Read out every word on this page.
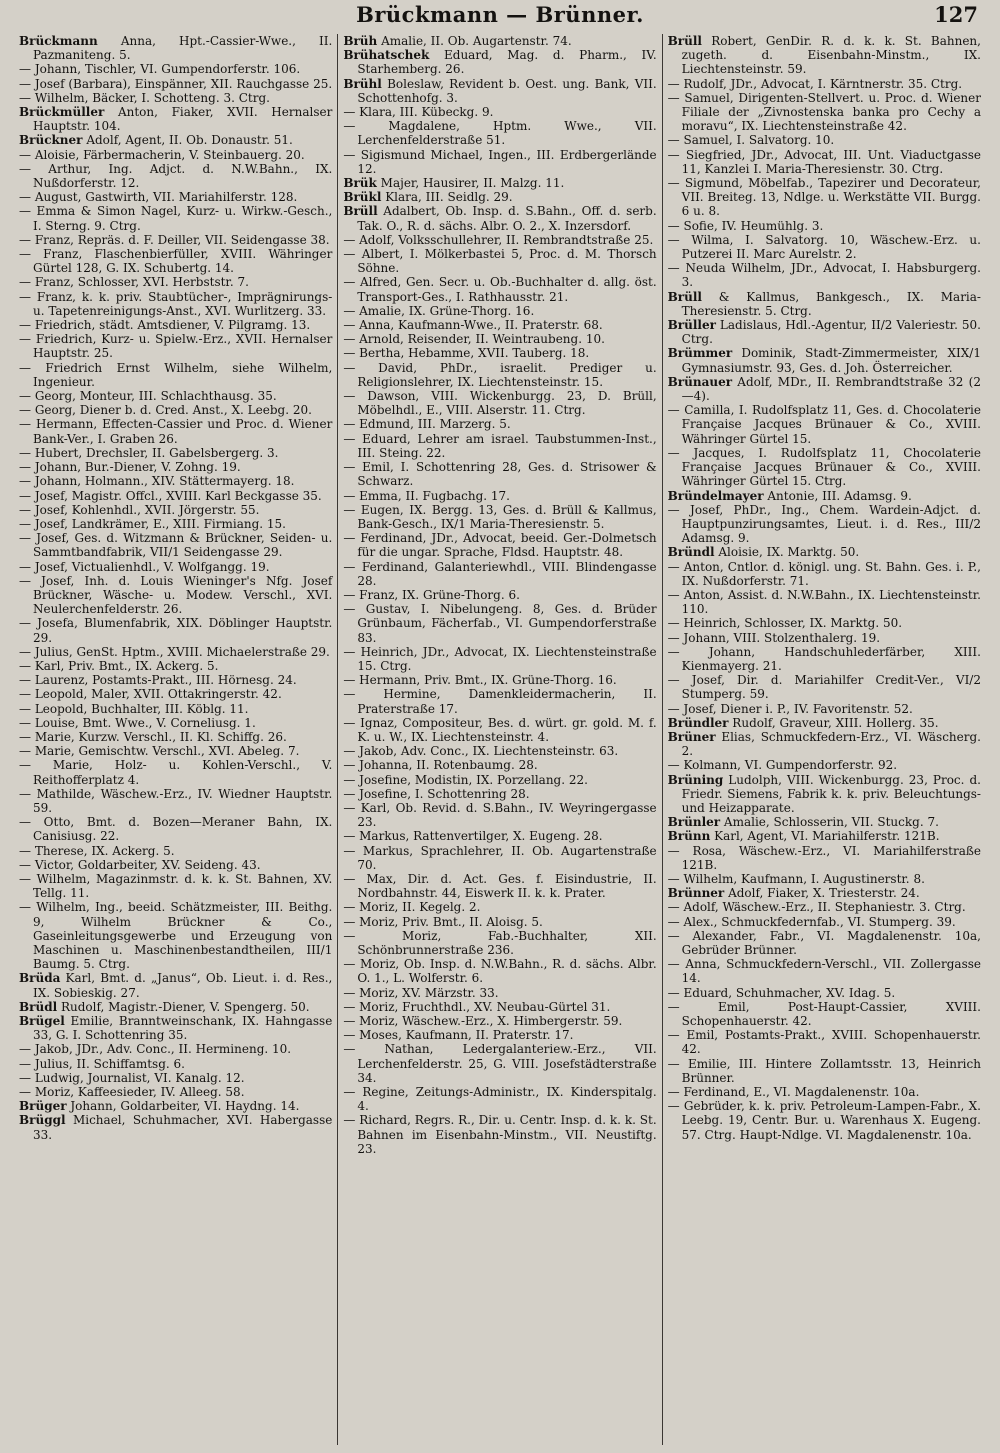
Brückmann — Brünner.	127

Brückmann Anna, Hpt.-Cassier-Wwe., II. Pazmaniteng. 5.

— Johann, Tischler, VI. Gumpendorferstr. 106.

— Josef (Barbara), Einspänner, XII. Rauchgasse 25.

— Wilhelm, Bäcker, I. Schotteng. 3. Ctrg.

Brückmüller Anton, Fiaker, XVII. Hernalser Hauptstr. 104.

Brückner Adolf, Agent, II. Ob. Donaustr. 51.

— Aloisie, Färbermacherin, V. Steinbauerg. 20.

— Arthur, Ing. Adjct. d. N.W.Bahn., IX. Nußdorferstr. 12.

— August, Gastwirth, VII. Mariahilferstr. 128.

— Emma & Simon Nagel, Kurz- u. Wirkw.-Gesch., I. Sterng. 9. Ctrg.

— Franz, Repräs. d. F. Deiller, VII. Seidengasse 38.

— Franz, Flaschenbierfüller, XVIII. Währinger Gürtel 128, G. IX. Schubertg. 14.

— Franz, Schlosser, XVI. Herbststr. 7.

— Franz, k. k. priv. Staubtücher-, Imprägnirungs- u. Tapetenreinigungs-Anst., XVI. Wurlitzerg. 33.

— Friedrich, städt. Amtsdiener, V. Pilgramg. 13.

— Friedrich, Kurz- u. Spielw.-Erz., XVII. Hernalser Hauptstr. 25.

— Friedrich Ernst Wilhelm, siehe Wilhelm, Ingenieur.

— Georg, Monteur, III. Schlachthausg. 35.

— Georg, Diener b. d. Cred. Anst., X. Leebg. 20.

— Hermann, Effecten-Cassier und Proc. d. Wiener Bank-Ver., I. Graben 26.

— Hubert, Drechsler, II. Gabelsbergerg. 3.

— Johann, Bur.-Diener, V. Zohng. 19.

— Johann, Holmann., XIV. Stättermayerg. 18.

— Josef, Magistr. Offcl., XVIII. Karl Beckgasse 35.

— Josef, Kohlenhdl., XVII. Jörgerstr. 55.

— Josef, Landkrämer, E., XIII. Firmiang. 15.

— Josef, Ges. d. Witzmann & Brückner, Seiden- u. Sammtbandfabrik, VII/1 Seidengasse 29.

— Josef, Victualienhdl., V. Wolfgangg. 19.

— Josef, Inh. d. Louis Wieninger's Nfg. Josef Brückner, Wäsche- u. Modew. Verschl., XVI. Neulerchenfelderstr. 26.

— Josefa, Blumenfabrik, XIX. Döblinger Hauptstr. 29.

— Julius, GenSt. Hptm., XVIII. Michaelerstraße 29.

— Karl, Priv. Bmt., IX. Ackerg. 5.

— Laurenz, Postamts-Prakt., III. Hörnesg. 24.

— Leopold, Maler, XVII. Ottakringerstr. 42.

— Leopold, Buchhalter, III. Köblg. 11.

— Louise, Bmt. Wwe., V. Corneliusg. 1.

— Marie, Kurzw. Verschl., II. Kl. Schiffg. 26.

— Marie, Gemischtw. Verschl., XVI. Abeleg. 7.

— Marie, Holz- u. Kohlen-Verschl., V. Reithofferplatz 4.

— Mathilde, Wäschew.-Erz., IV. Wiedner Hauptstr. 59.

— Otto, Bmt. d. Bozen—Meraner Bahn, IX. Canisiusg. 22.

— Therese, IX. Ackerg. 5.

— Victor, Goldarbeiter, XV. Seideng. 43.

— Wilhelm, Magazinmstr. d. k. k. St. Bahnen, XV. Tellg. 11.

— Wilhelm, Ing., beeid. Schätzmeister, III. Beithg. 9, Wilhelm Brückner & Co., Gaseinleitungsgewerbe und Erzeugung von Maschinen u. Maschinenbestandtheilen, III/1 Baumg. 5. Ctrg.

Brüda Karl, Bmt. d. „Janus“, Ob. Lieut. i. d. Res., IX. Sobieskig. 27.

Brüdl Rudolf, Magistr.-Diener, V. Spengerg. 50.

Brügel Emilie, Branntweinschank, IX. Hahngasse 33, G. I. Schottenring 35.

— Jakob, JDr., Adv. Conc., II. Hermineng. 10.

— Julius, II. Schiffamtsg. 6.

— Ludwig, Journalist, VI. Kanalg. 12.

— Moriz, Kaffeesieder, IV. Alleeg. 58.

Brüger Johann, Goldarbeiter, VI. Haydng. 14.

Brüggl Michael, Schuhmacher, XVI. Habergasse 33.

Brüh Amalie, II. Ob. Augartenstr. 74.

Brühatschek Eduard, Mag. d. Pharm., IV. Starhemberg. 26.

Brühl Boleslaw, Revident b. Oest. ung. Bank, VII. Schottenhofg. 3.

— Klara, III. Kübeckg. 9.

— Magdalene, Hptm. Wwe., VII. Lerchenfelderstraße 51.

— Sigismund Michael, Ingen., III. Erdbergerlände 12.

Brük Majer, Hausirer, II. Malzg. 11.

Brükl Klara, III. Seidlg. 29.

Brüll Adalbert, Ob. Insp. d. S.Bahn., Off. d. serb. Tak. O., R. d. sächs. Albr. O. 2., X. Inzersdorf.

— Adolf, Volksschullehrer, II. Rembrandtstraße 25.

— Albert, I. Mölkerbastei 5, Proc. d. M. Thorsch Söhne.

— Alfred, Gen. Secr. u. Ob.-Buchhalter d. allg. öst. Transport-Ges., I. Rathhausstr. 21.

— Amalie, IX. Grüne-Thorg. 16.

— Anna, Kaufmann-Wwe., II. Praterstr. 68.

— Arnold, Reisender, II. Weintraubeng. 10.

— Bertha, Hebamme, XVII. Tauberg. 18.

— David, PhDr., israelit. Prediger u. Religionslehrer, IX. Liechtensteinstr. 15.

— Dawson, VIII. Wickenburgg. 23, D. Brüll, Möbelhdl., E., VIII. Alserstr. 11. Ctrg.

— Edmund, III. Marzerg. 5.

— Eduard, Lehrer am israel. Taubstummen-Inst., III. Steing. 22.

— Emil, I. Schottenring 28, Ges. d. Strisower & Schwarz.

— Emma, II. Fugbachg. 17.

— Eugen, IX. Bergg. 13, Ges. d. Brüll & Kallmus, Bank-Gesch., IX/1 Maria-Theresienstr. 5.

— Ferdinand, JDr., Advocat, beeid. Ger.-Dolmetsch für die ungar. Sprache, Fldsd. Hauptstr. 48.

— Ferdinand, Galanteriewhdl., VIII. Blindengasse 28.

— Franz, IX. Grüne-Thorg. 6.

— Gustav, I. Nibelungeng. 8, Ges. d. Brüder Grünbaum, Fächerfab., VI. Gumpendorferstraße 83.

— Heinrich, JDr., Advocat, IX. Liechtensteinstraße 15. Ctrg.

— Hermann, Priv. Bmt., IX. Grüne-Thorg. 16.

— Hermine, Damenkleidermacherin, II. Praterstraße 17.

— Ignaz, Compositeur, Bes. d. würt. gr. gold. M. f. K. u. W., IX. Liechtensteinstr. 4.

— Jakob, Adv. Conc., IX. Liechtensteinstr. 63.

— Johanna, II. Rotenbaumg. 28.

— Josefine, Modistin, IX. Porzellang. 22.

— Josefine, I. Schottenring 28.

— Karl, Ob. Revid. d. S.Bahn., IV. Weyringergasse 23.

— Markus, Rattenvertilger, X. Eugeng. 28.

— Markus, Sprachlehrer, II. Ob. Augartenstraße 70.

— Max, Dir. d. Act. Ges. f. Eisindustrie, II. Nordbahnstr. 44, Eiswerk II. k. k. Prater.

— Moriz, II. Kegelg. 2.

— Moriz, Priv. Bmt., II. Aloisg. 5.

— Moriz, Fab.-Buchhalter, XII. Schönbrunnerstraße 236.

— Moriz, Ob. Insp. d. N.W.Bahn., R. d. sächs. Albr. O. 1., L. Wolferstr. 6.

— Moriz, XV. Märzstr. 33.

— Moriz, Fruchthdl., XV. Neubau-Gürtel 31.

— Moriz, Wäschew.-Erz., X. Himbergerstr. 59.

— Moses, Kaufmann, II. Praterstr. 17.

— Nathan, Ledergalanteriew.-Erz., VII. Lerchenfelderstr. 25, G. VIII. Josefstädterstraße 34.

— Regine, Zeitungs-Administr., IX. Kinderspitalg. 4.

— Richard, Regrs. R., Dir. u. Centr. Insp. d. k. k. St. Bahnen im Eisenbahn-Minstm., VII. Neustiftg. 23.

Brüll Robert, GenDir. R. d. k. k. St. Bahnen, zugeth. d. Eisenbahn-Minstm., IX. Liechtensteinstr. 59.

— Rudolf, JDr., Advocat, I. Kärntnerstr. 35. Ctrg.

— Samuel, Dirigenten-Stellvert. u. Proc. d. Wiener Filiale der „Zivnostenska banka pro Cechy a moravu“, IX. Liechtensteinstraße 42.

— Samuel, I. Salvatorg. 10.

— Siegfried, JDr., Advocat, III. Unt. Viaductgasse 11, Kanzlei I. Maria-Theresienstr. 30. Ctrg.

— Sigmund, Möbelfab., Tapezirer und Decorateur, VII. Breiteg. 13, Ndlge. u. Werkstätte VII. Burgg. 6 u. 8.

— Sofie, IV. Heumühlg. 3.

— Wilma, I. Salvatorg. 10, Wäschew.-Erz. u. Putzerei II. Marc Aurelstr. 2.

— Neuda Wilhelm, JDr., Advocat, I. Habsburgerg. 3.

Brüll & Kallmus, Bankgesch., IX. Maria-Theresienstr. 5. Ctrg.

Brüller Ladislaus, Hdl.-Agentur, II/2 Valeriestr. 50. Ctrg.

Brümmer Dominik, Stadt-Zimmermeister, XIX/1 Gymnasiumstr. 93, Ges. d. Joh. Österreicher.

Brünauer Adolf, MDr., II. Rembrandtstraße 32 (2—4).

— Camilla, I. Rudolfsplatz 11, Ges. d. Chocolaterie Française Jacques Brünauer & Co., XVIII. Währinger Gürtel 15.

— Jacques, I. Rudolfsplatz 11, Chocolaterie Française Jacques Brünauer & Co., XVIII. Währinger Gürtel 15. Ctrg.

Bründelmayer Antonie, III. Adamsg. 9.

— Josef, PhDr., Ing., Chem. Wardein-Adjct. d. Hauptpunzirungsamtes, Lieut. i. d. Res., III/2 Adamsg. 9.

Bründl Aloisie, IX. Marktg. 50.

— Anton, Cntlor. d. königl. ung. St. Bahn. Ges. i. P., IX. Nußdorferstr. 71.

— Anton, Assist. d. N.W.Bahn., IX. Liechtensteinstr. 110.

— Heinrich, Schlosser, IX. Marktg. 50.

— Johann, VIII. Stolzenthalerg. 19.

— Johann, Handschuhlederfärber, XIII. Kienmayerg. 21.

— Josef, Dir. d. Mariahilfer Credit-Ver., VI/2 Stumperg. 59.

— Josef, Diener i. P., IV. Favoritenstr. 52.

Bründler Rudolf, Graveur, XIII. Hollerg. 35.

Brüner Elias, Schmuckfedern-Erz., VI. Wäscherg. 2.

— Kolmann, VI. Gumpendorferstr. 92.

Brüning Ludolph, VIII. Wickenburgg. 23, Proc. d. Friedr. Siemens, Fabrik k. k. priv. Beleuchtungs- und Heizapparate.

Brünler Amalie, Schlosserin, VII. Stuckg. 7.

Brünn Karl, Agent, VI. Mariahilferstr. 121B.

— Rosa, Wäschew.-Erz., VI. Mariahilferstraße 121B.

— Wilhelm, Kaufmann, I. Augustinerstr. 8.

Brünner Adolf, Fiaker, X. Triesterstr. 24.

— Adolf, Wäschew.-Erz., II. Stephaniestr. 3. Ctrg.

— Alex., Schmuckfedernfab., VI. Stumperg. 39.

— Alexander, Fabr., VI. Magdalenenstr. 10a, Gebrüder Brünner.

— Anna, Schmuckfedern-Verschl., VII. Zollergasse 14.

— Eduard, Schuhmacher, XV. Idag. 5.

— Emil, Post-Haupt-Cassier, XVIII. Schopenhauerstr. 42.

— Emil, Postamts-Prakt., XVIII. Schopenhauerstr. 42.

— Emilie, III. Hintere Zollamtsstr. 13, Heinrich Brünner.

— Ferdinand, E., VI. Magdalenenstr. 10a.

— Gebrüder, k. k. priv. Petroleum-Lampen-Fabr., X. Leebg. 19, Centr. Bur. u. Warenhaus X. Eugeng. 57. Ctrg. Haupt-Ndlge. VI. Magdalenenstr. 10a.
